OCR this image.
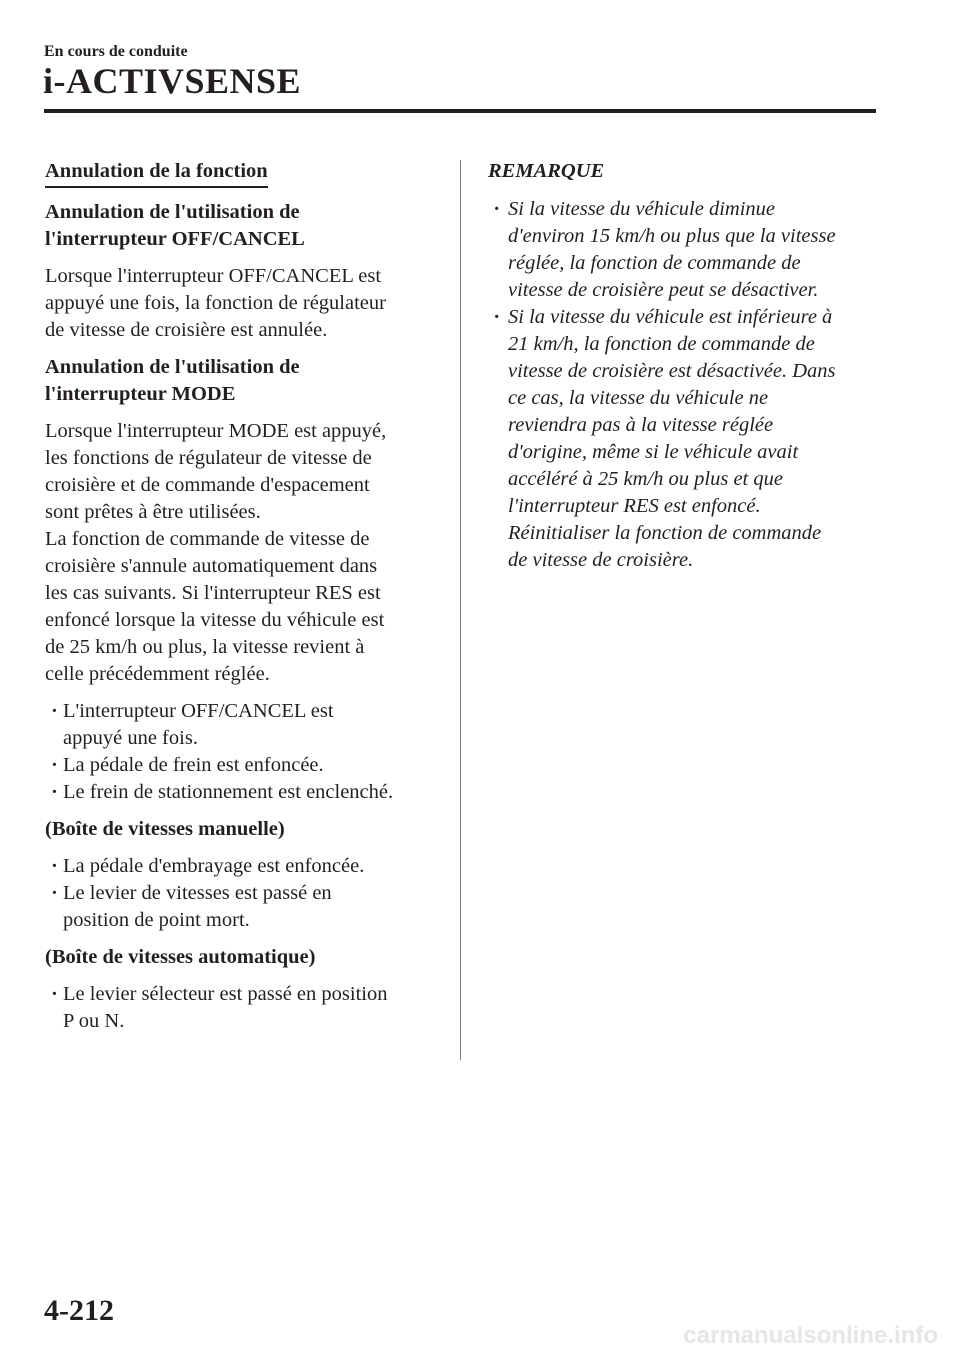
En cours de conduite
i-ACTIVSENSE
Annulation de la fonction
Annulation de l'utilisation de
l'interrupteur OFF/CANCEL

Lorsque l'interrupteur OFF/CANCEL est

appuyé une fois, la fonction de régulateur

de vitesse de croisière est annulée.

Annulation de l'utilisation de
l'interrupteur MODE

Lorsque l'interrupteur MODE est appuyé,

les fonctions de régulateur de vitesse de

croisière et de commande d'espacement

sont prêtes à être utilisées.

La fonction de commande de vitesse de

croisière s'annule automatiquement dans

les cas suivants. Si l'interrupteur RES est

enfoncé lorsque la vitesse du véhicule est

de 25 km/h ou plus, la vitesse revient à

celle précédemment réglée.

· L'interrupteur OFF/CANCEL est
appuyé une fois.
· La pédale de frein est enfoncée.
· Le frein de stationnement est enclenché.
(Boîte de vitesses manuelle)
· La pédale d'embrayage est enfoncée.
· Le levier de vitesses est passé en
position de point mort.
(Boîte de vitesses automatique)
· Le levier sélecteur est passé en position
P ou N.
REMARQUE
· Si la vitesse du véhicule diminue
d'environ 15 km/h ou plus que la vitesse
réglée, la fonction de commande de
vitesse de croisière peut se désactiver.
· Si la vitesse du véhicule est inférieure à
21 km/h, la fonction de commande de
vitesse de croisière est désactivée. Dans
ce cas, la vitesse du véhicule ne
reviendra pas à la vitesse réglée
d'origine, même si le véhicule avait
accéléré à 25 km/h ou plus et que
l'interrupteur RES est enfoncé.
Réinitialiser la fonction de commande
de vitesse de croisière.
4-212
carmanualsonline.info
